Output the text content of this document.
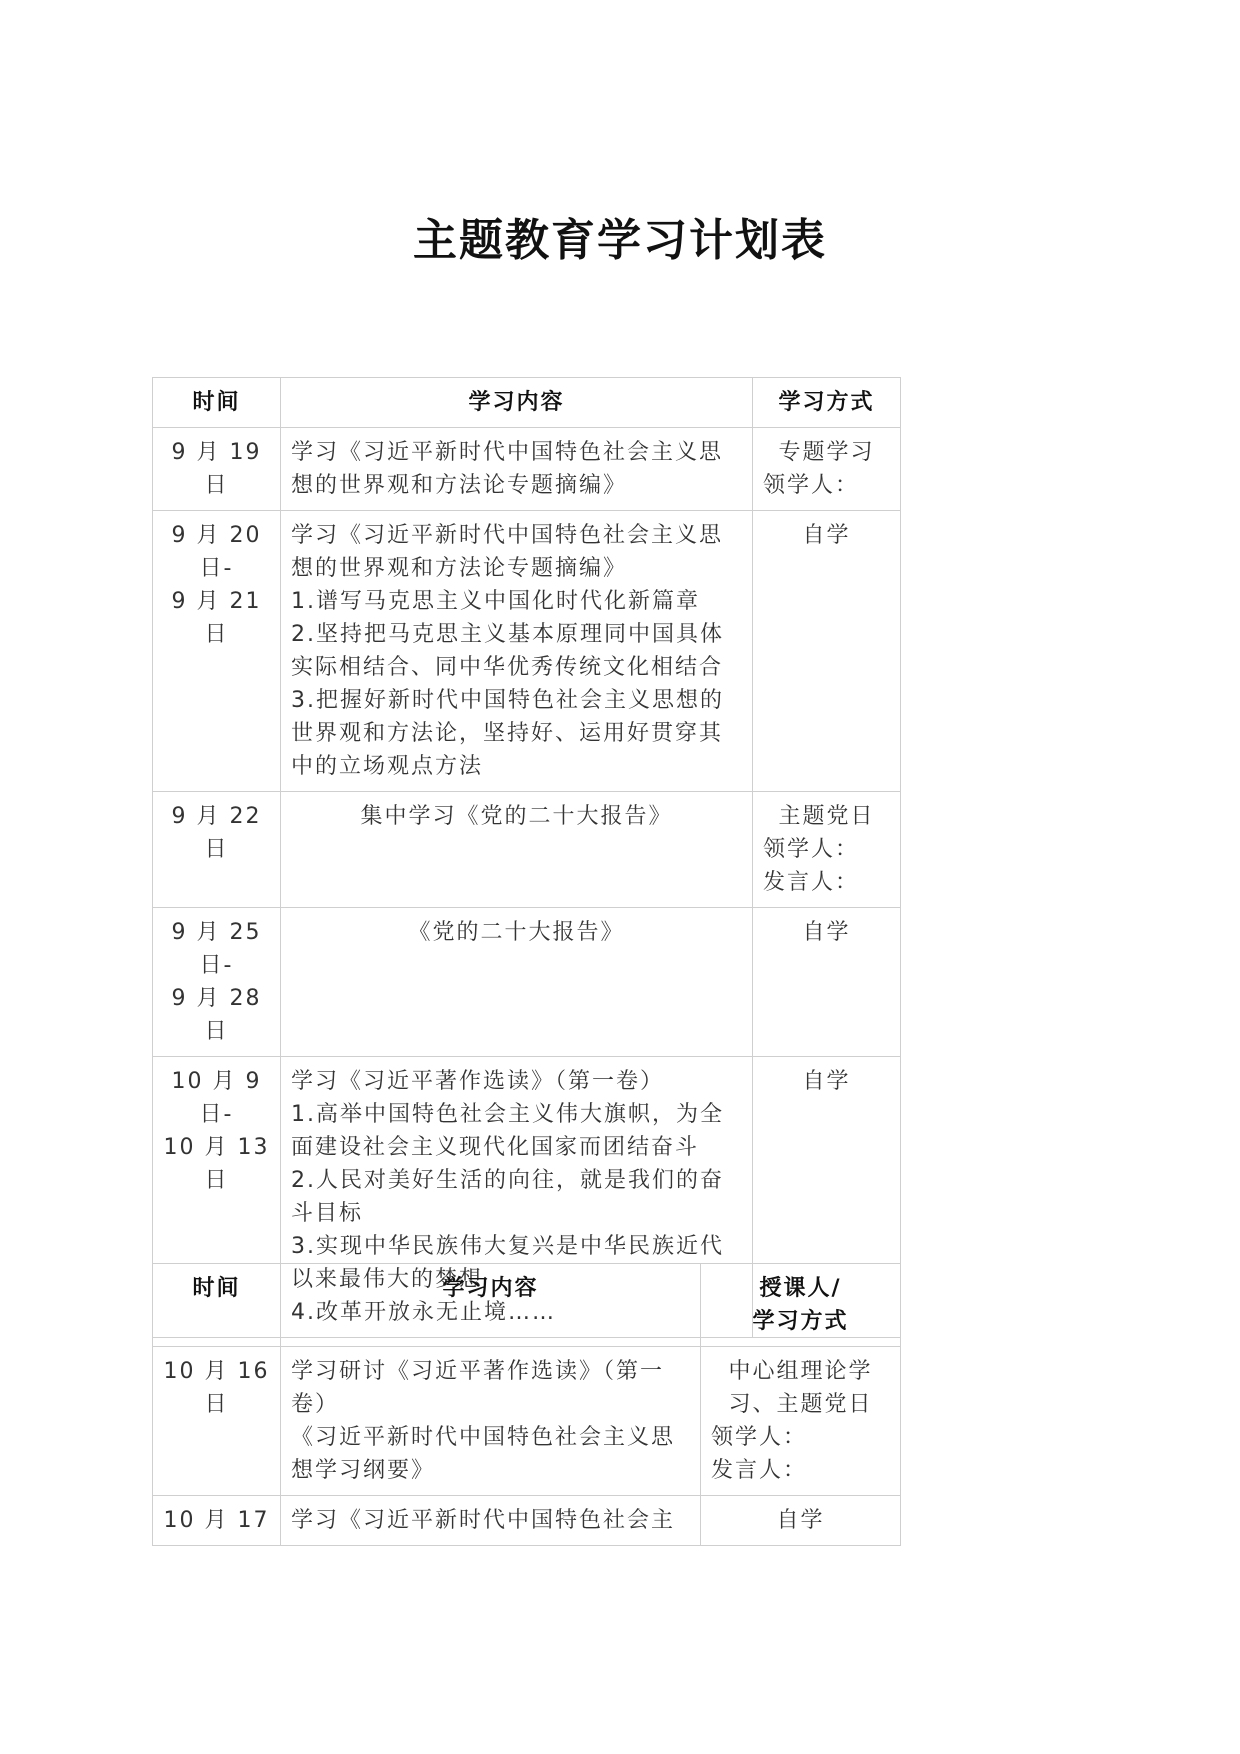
主题教育学习计划表
时间	学习内容	学习方式

9 月 19 日	学习《习近平新时代中国特色社会主义思想的世界观和方法论专题摘编》	专题学习
领学人：

9 月 20 日-
9 月 21 日	学习《习近平新时代中国特色社会主义思想的世界观和方法论专题摘编》
1.谱写马克思主义中国化时代化新篇章
2.坚持把马克思主义基本原理同中国具体实际相结合、同中华优秀传统文化相结合
3.把握好新时代中国特色社会主义思想的世界观和方法论，坚持好、运用好贯穿其中的立场观点方法	自学

9 月 22 日	集中学习《党的二十大报告》	主题党日
领学人：
发言人：

9 月 25 日-
9 月 28 日	《党的二十大报告》	自学

10 月 9 日-
10 月 13
日	学习《习近平著作选读》（第一卷）
1.高举中国特色社会主义伟大旗帜，为全面建设社会主义现代化国家而团结奋斗
2.人民对美好生活的向往，就是我们的奋斗目标
3.实现中华民族伟大复兴是中华民族近代以来最伟大的梦想
4.改革开放永无止境……	自学
时间	学习内容	授课人/
学习方式

10 月 16
日	学习研讨《习近平著作选读》（第一卷）
《习近平新时代中国特色社会主义思想学习纲要》	中心组理论学习、主题党日
领学人：
发言人：

10 月 17	学习《习近平新时代中国特色社会主	自学
